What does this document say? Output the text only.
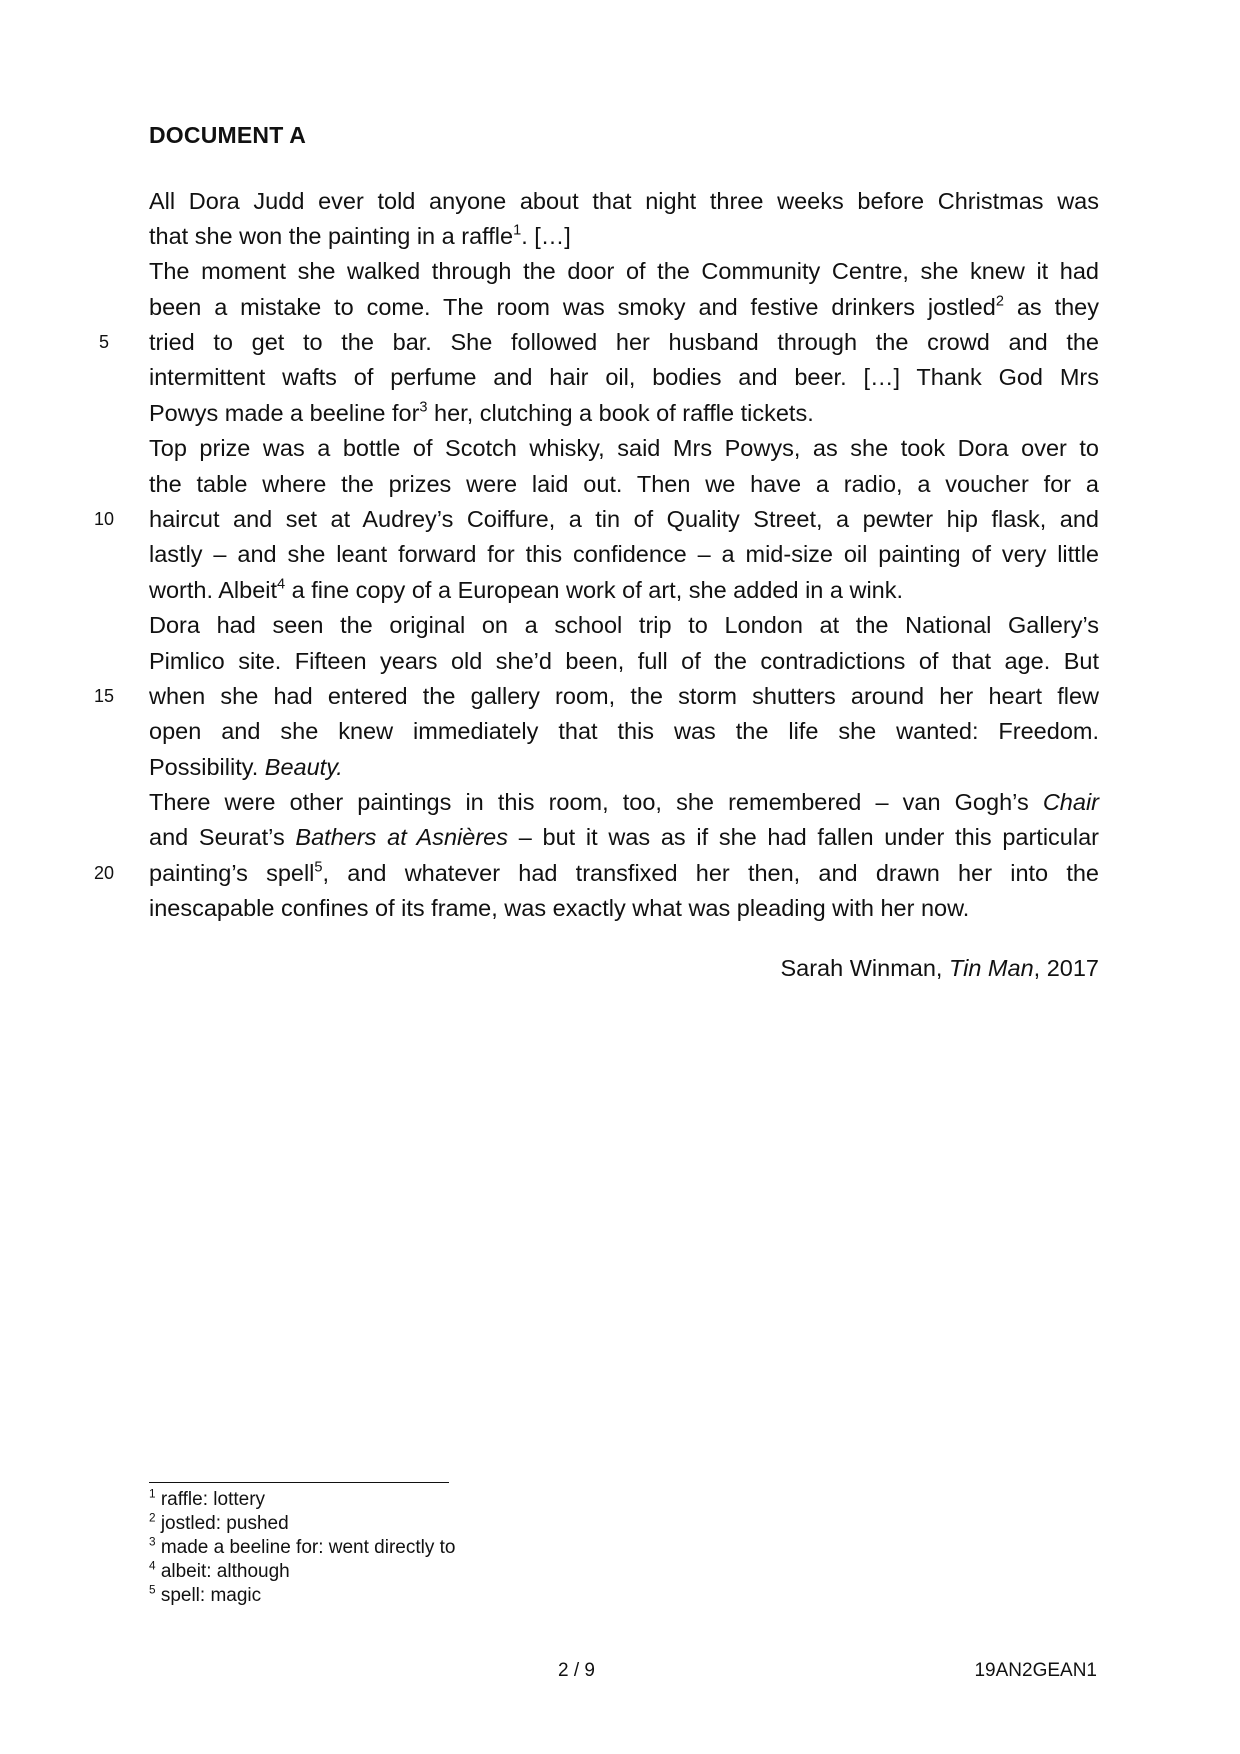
DOCUMENT A
All Dora Judd ever told anyone about that night three weeks before Christmas was
that she won the painting in a raffle$^1$. […]
The moment she walked through the door of the Community Centre, she knew it had
been a mistake to come. The room was smoky and festive drinkers jostled$^2$ as they
tried to get to the bar. She followed her husband through the crowd and the
intermittent wafts of perfume and hair oil, bodies and beer. […] Thank God Mrs
Powys made a beeline for$^3$ her, clutching a book of raffle tickets.
Top prize was a bottle of Scotch whisky, said Mrs Powys, as she took Dora over to
the table where the prizes were laid out. Then we have a radio, a voucher for a
haircut and set at Audrey’s Coiffure, a tin of Quality Street, a pewter hip flask, and
lastly – and she leant forward for this confidence – a mid-size oil painting of very little
worth. Albeit$^4$ a fine copy of a European work of art, she added in a wink.
Dora had seen the original on a school trip to London at the National Gallery’s
Pimlico site. Fifteen years old she’d been, full of the contradictions of that age. But
when she had entered the gallery room, the storm shutters around her heart flew
open and she knew immediately that this was the life she wanted: Freedom.
Possibility. Beauty.
There were other paintings in this room, too, she remembered – van Gogh’s Chair
and Seurat’s Bathers at Asnières – but it was as if she had fallen under this particular
painting’s spell$^5$, and whatever had transfixed her then, and drawn her into the
inescapable confines of its frame, was exactly what was pleading with her now.
5
10
15
20
Sarah Winman, Tin Man, 2017
$^1$ raffle: lottery
$^2$ jostled: pushed
$^3$ made a beeline for: went directly to
$^4$ albeit: although
$^5$ spell: magic
2 / 9	19AN2GEAN1
